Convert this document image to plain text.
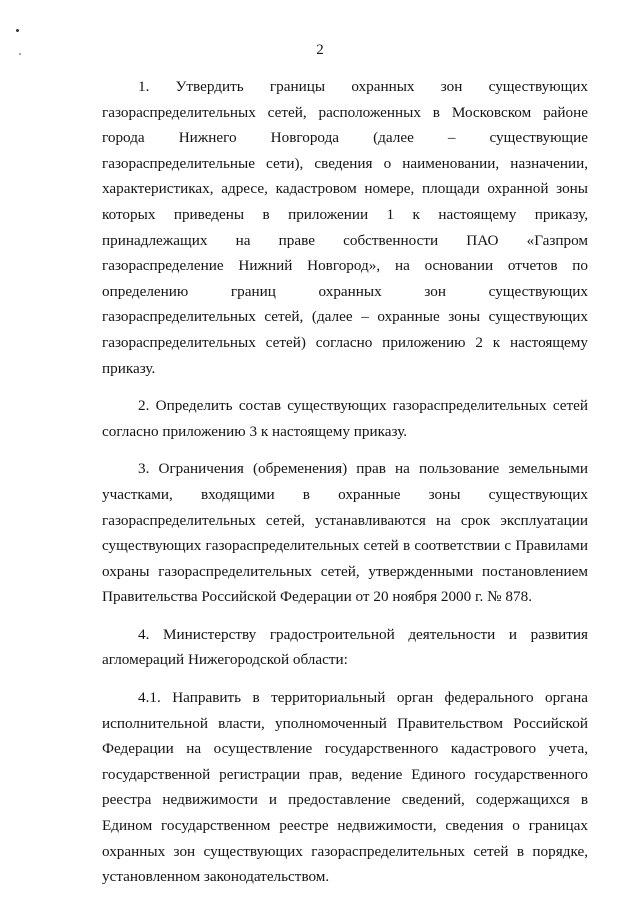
2

1. Утвердить границы охранных зон существующих газораспределительных сетей, расположенных в Московском районе города Нижнего Новгорода (далее – существующие газораспределительные сети), сведения о наименовании, назначении, характеристиках, адресе, кадастровом номере, площади охранной зоны которых приведены в приложении 1 к настоящему приказу, принадлежащих на праве собственности ПАО «Газпром газораспределение Нижний Новгород», на основании отчетов по определению границ охранных зон существующих газораспределительных сетей, (далее – охранные зоны существующих газораспределительных сетей) согласно приложению 2 к настоящему приказу.

2. Определить состав существующих газораспределительных сетей согласно приложению 3 к настоящему приказу.

3. Ограничения (обременения) прав на пользование земельными участками, входящими в охранные зоны существующих газораспределительных сетей, устанавливаются на срок эксплуатации существующих газораспределительных сетей в соответствии с Правилами охраны газораспределительных сетей, утвержденными постановлением Правительства Российской Федерации от 20 ноября 2000 г. № 878.

4. Министерству градостроительной деятельности и развития агломераций Нижегородской области:

4.1. Направить в территориальный орган федерального органа исполнительной власти, уполномоченный Правительством Российской Федерации на осуществление государственного кадастрового учета, государственной регистрации прав, ведение Единого государственного реестра недвижимости и предоставление сведений, содержащихся в Едином государственном реестре недвижимости, сведения о границах охранных зон существующих газораспределительных сетей в порядке, установленном законодательством.
